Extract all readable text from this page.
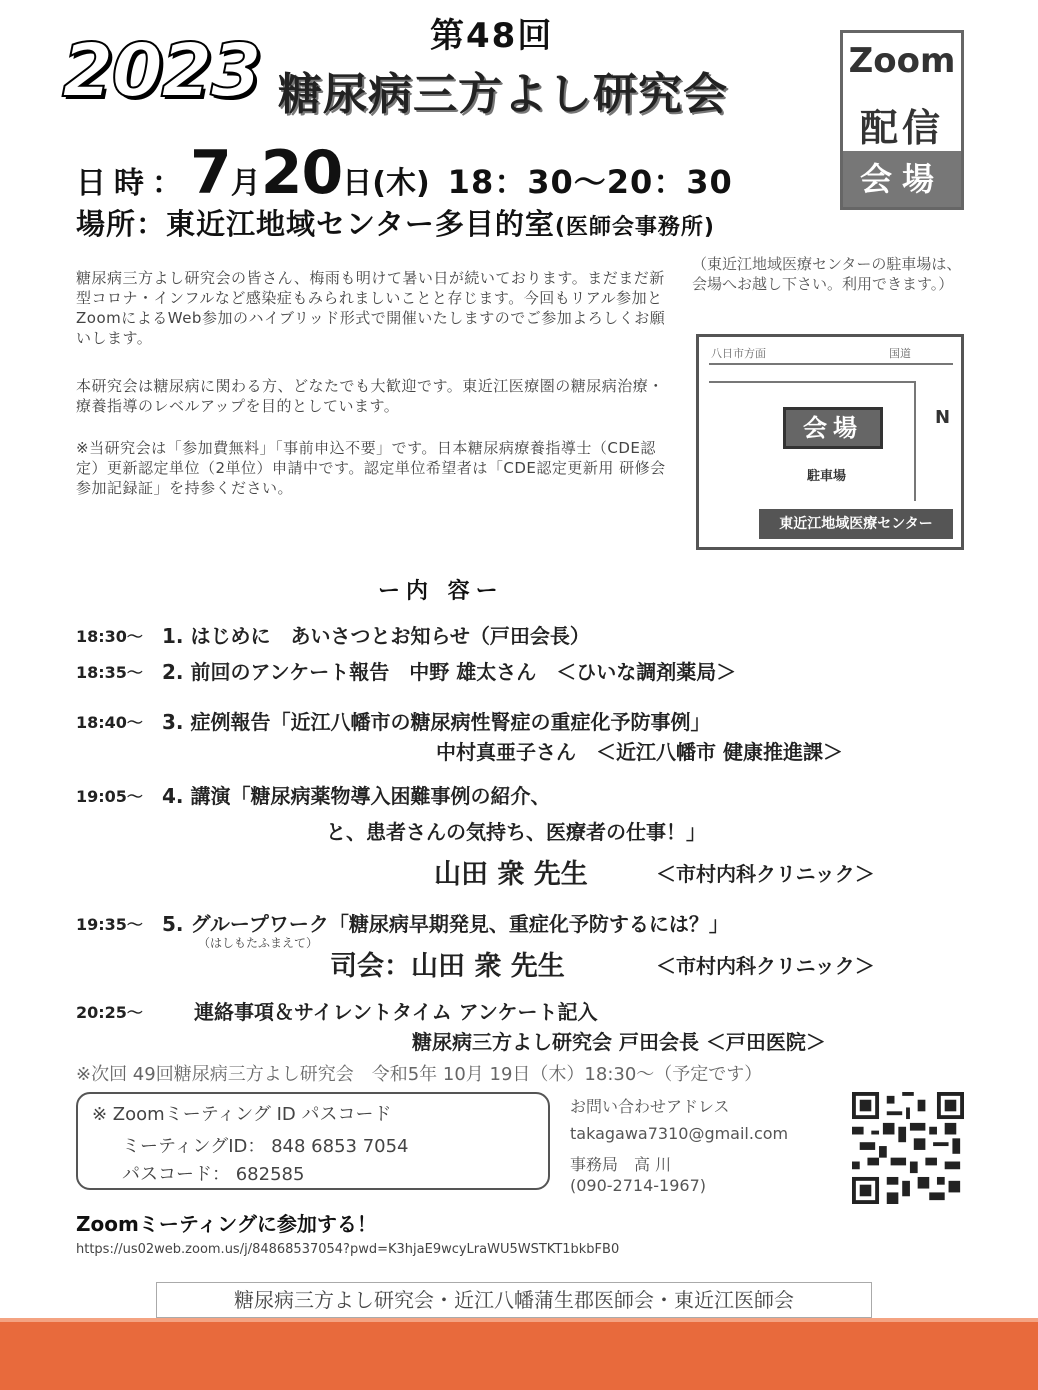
第48回
2023 糖尿病三方よし研究会
Zoom
配信
会場
日時：7月20日(木) 18：30～20：30
場所：東近江地域センター多目的室(医師会事務所)

糖尿病三方よし研究会の皆さん、梅雨も明けて暑い日が続いております。まだまだ新型コロナ・インフルなど感染症もみられましいことと存じます。今回もリアル参加とZoomによるWeb参加のハイブリッド形式で開催いたしますのでご参加よろしくお願いします。

本研究会は糖尿病に関わる方、どなたでも大歓迎です。東近江医療圏の糖尿病治療・療養指導のレベルアップを目的としています。

※当研究会は「参加費無料」「事前申込不要」です。日本糖尿病療養指導士（CDE認定）更新認定単位（2単位）申請中です。認定単位希望者は「CDE認定更新用 研修会参加記録証」を持参ください。

（東近江地域医療センターの駐車場は、会場へお越し下さい。利用できます。）
八日市方面	国道
会場
駐車場
N
東近江地域医療センター
ー内 容ー
18:30～ 1. はじめに　あいさつとお知らせ（戸田会長）
18:35～ 2. 前回のアンケート報告　中野 雄太さん　＜ひいな調剤薬局＞
18:40～ 3. 症例報告「近江八幡市の糖尿病性腎症の重症化予防事例」
中村真亜子さん　＜近江八幡市 健康推進課＞
19:05～ 4. 講演「糖尿病薬物導入困難事例の紹介、
と、患者さんの気持ち、医療者の仕事！」
山田 衆 先生	＜市村内科クリニック＞
19:35～ 5. グループワーク「糖尿病早期発見、重症化予防するには？」
（はしもたふまえて）
司会：山田 衆 先生	＜市村内科クリニック＞
20:25～	連絡事項＆サイレントタイム アンケート記入
糖尿病三方よし研究会 戸田会長 ＜戸田医院＞
※次回 49回糖尿病三方よし研究会　令和5年 10月 19日（木）18:30～（予定です）
※ Zoomミーティング ID パスコード
ミーティングID： 848 6853 7054
パスコード： 682585
お問い合わせアドレス
takagawa7310@gmail.com
事務局　高 川
(090-2714-1967)
Zoomミーティングに参加する！
https://us02web.zoom.us/j/84868537054?pwd=K3hjaE9wcyLraWU5WSTKT1bkbFB0
糖尿病三方よし研究会・近江八幡蒲生郡医師会・東近江医師会
